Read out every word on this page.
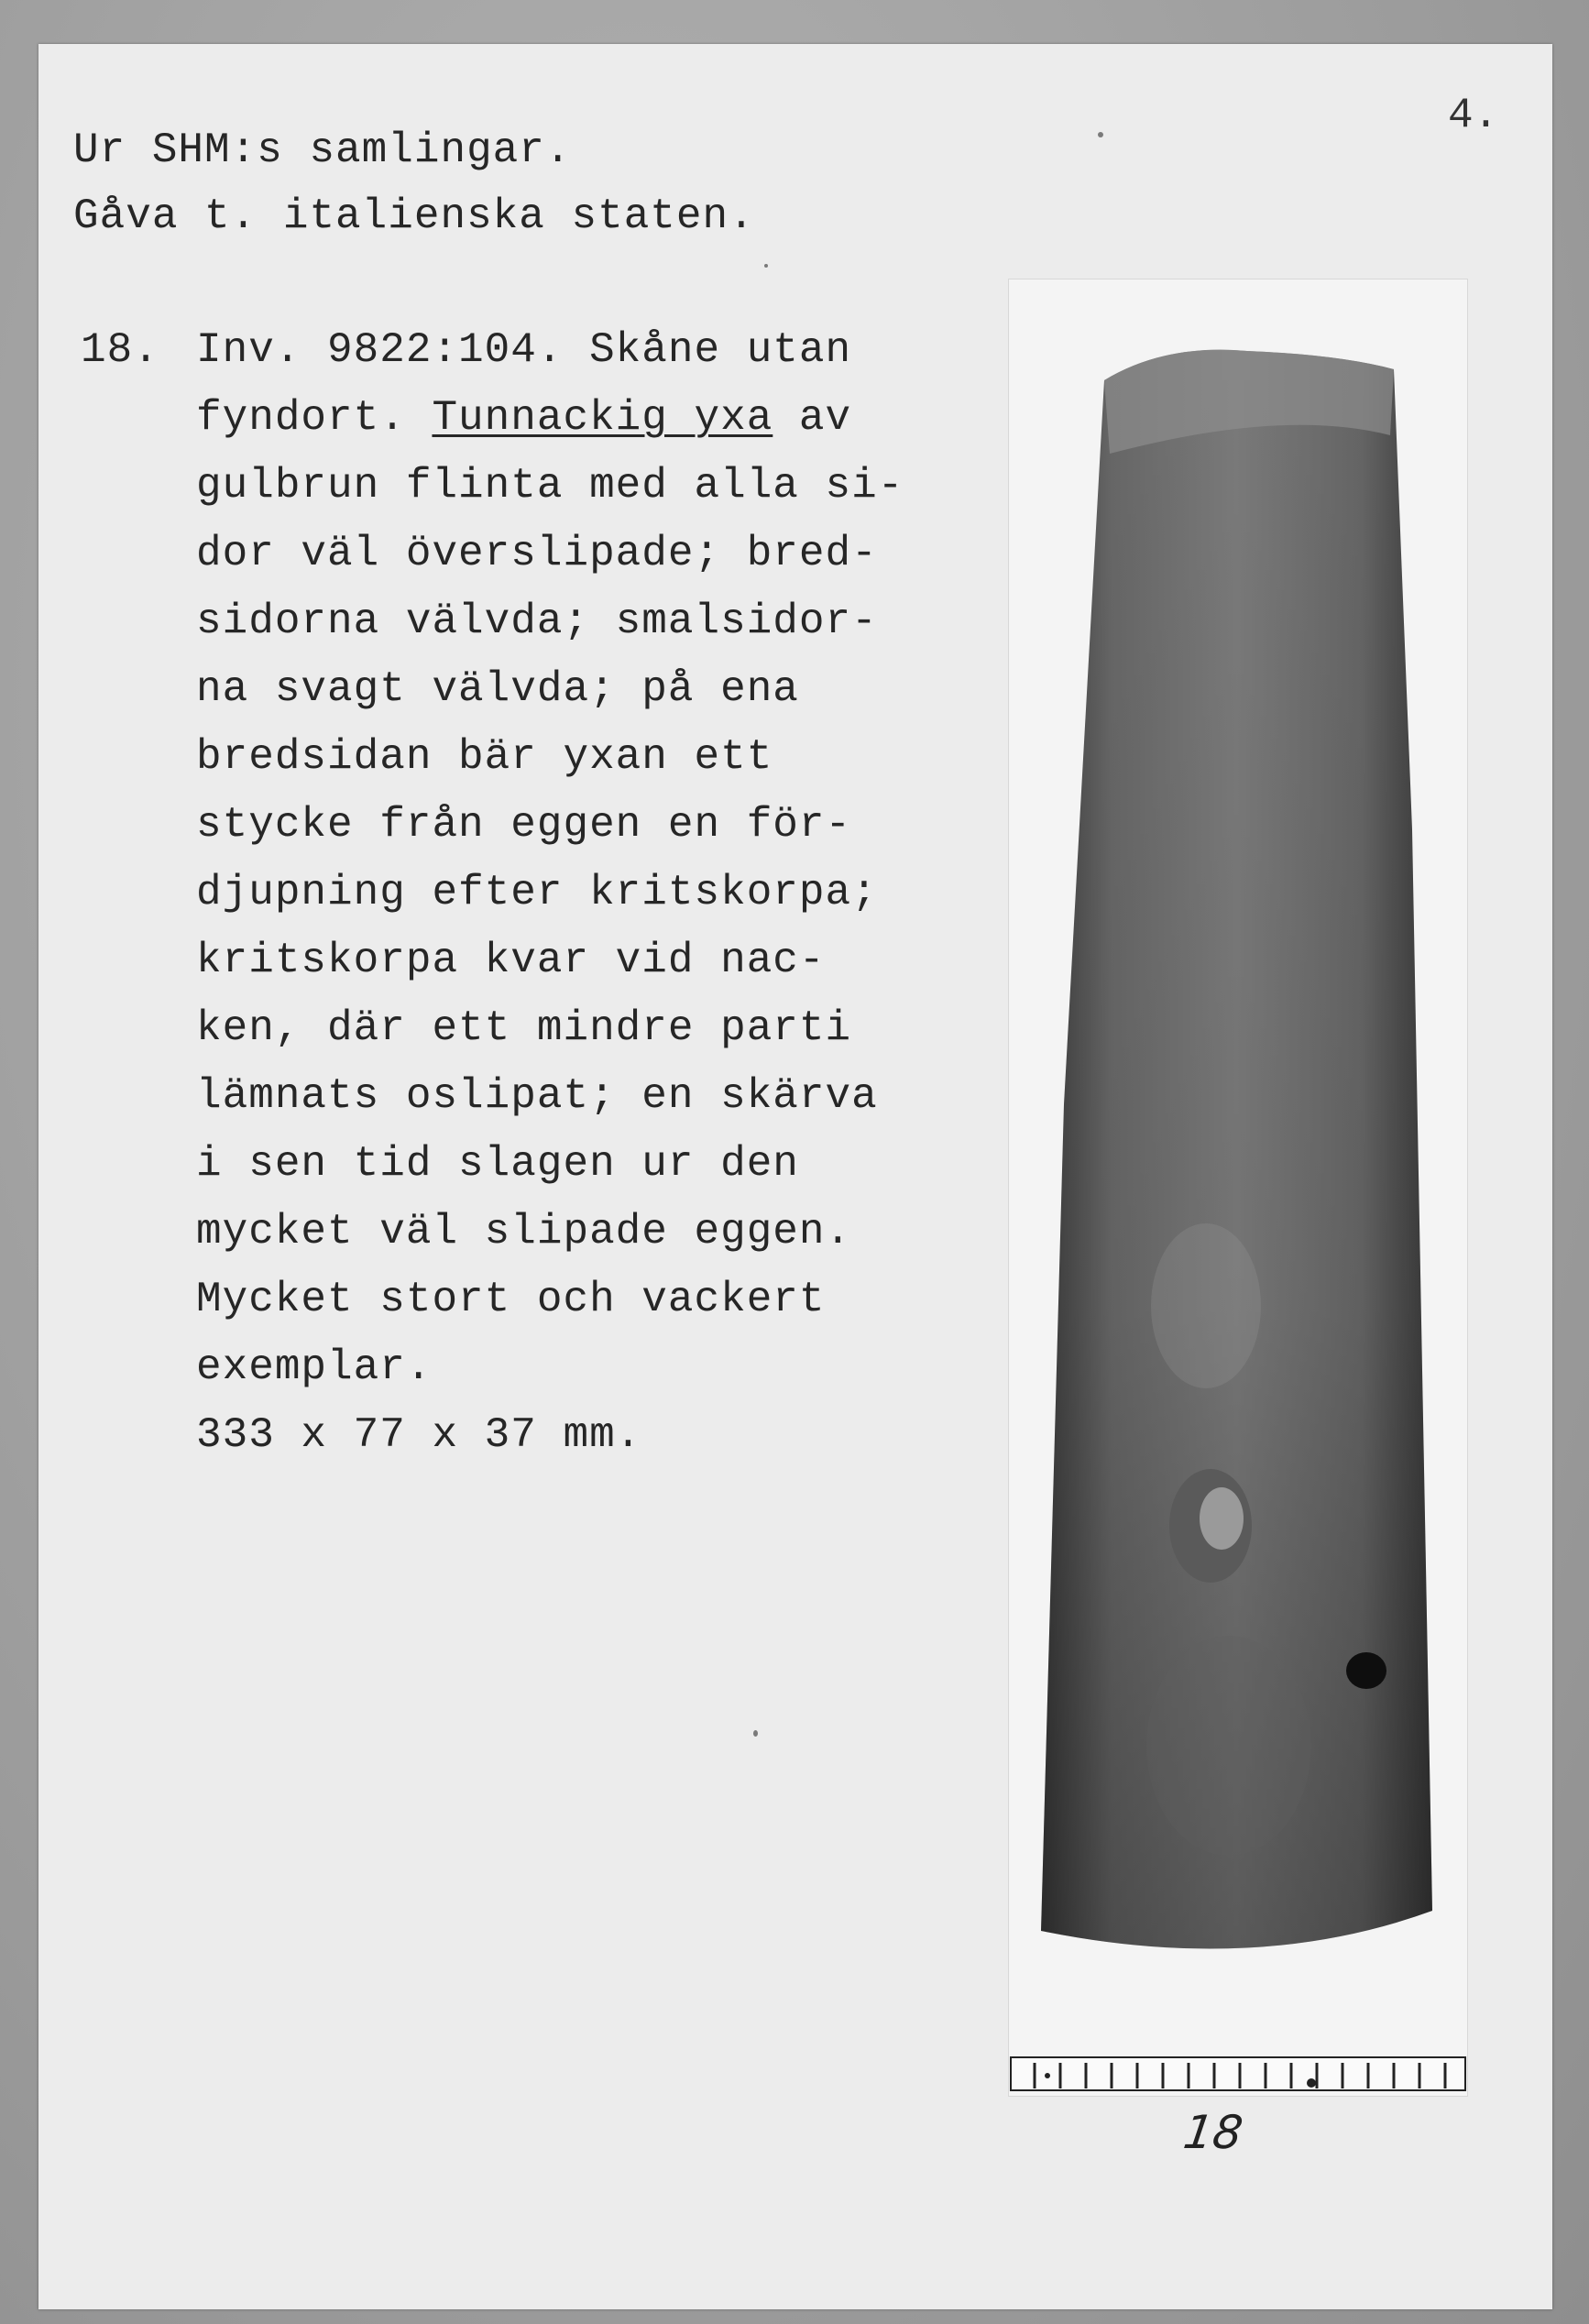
4.
Ur SHM:s samlingar.
Gåva t. italienska staten.
18. Inv. 9822:104. Skåne utan
fyndort. Tunnackig yxa av
gulbrun flinta med alla si-
dor väl överslipade; bred-
sidorna välvda; smalsidor-
na svagt välvda; på ena
bredsidan bär yxan ett
stycke från eggen en för-
djupning efter kritskorpa;
kritskorpa kvar vid nac-
ken, där ett mindre parti
lämnats oslipat; en skärva
i sen tid slagen ur den
mycket väl slipade eggen.
Mycket stort och vackert
exemplar.
333 x 77 x 37 mm.
18
